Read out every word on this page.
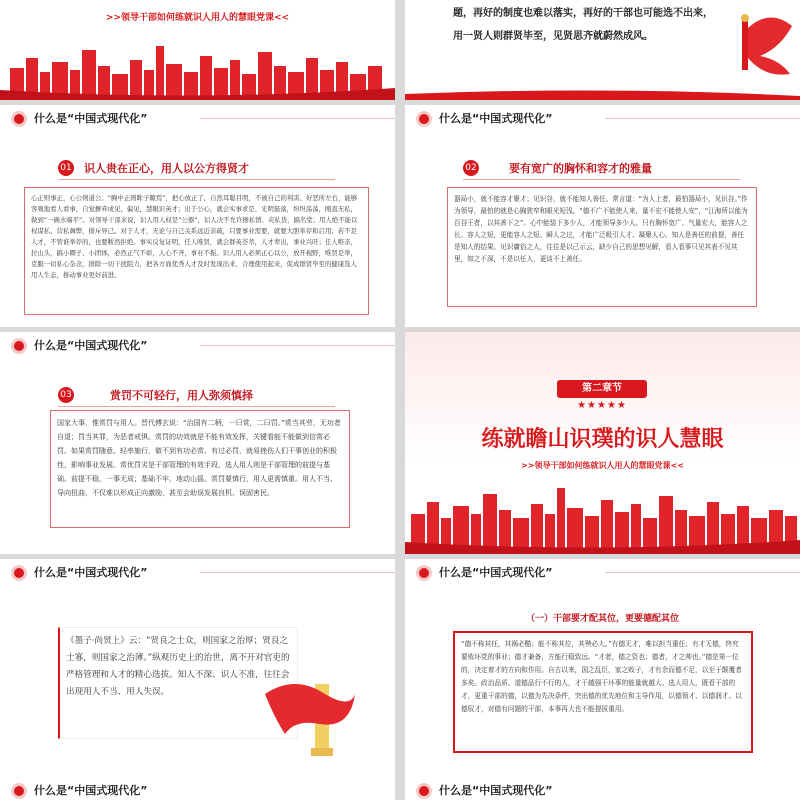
>>领导干部如何练就识人用人的慧眼党课<<	题，再好的制度也难以落实，再好的干部也可能选不出来，用一贤人则群贤毕至，见贤思齐就蔚然成风。
什么是“中国式现代化”
01 识人贵在正心，用人以公方得贤才
心正则事正，心公则道公。“胸中正则眸子瞭焉”，把心放正了，自然耳聪目明，不被自己的利害、好恶所左右，能够客观地看人看事，自觉摒弃成见、偏见，慧眼识英才；出于公心，就会实事求是、光明磊落，坦坦荡荡，刚直无私，做到“一碗水端平”。对领导干部来说，识人用人权是“公器”，识人决不允许掺私情、夹私货，搞名堂；用人绝不能以权谋私、营私舞弊，排斥异己。对于人才，无论与自己关系远近亲疏，只要事业需要，就要大胆举荐和启用；若不是人才，不管谁举荐的，也要断然拒绝。事实反复证明，任人唯贤，就会群英荟萃，人才辈出，事业兴旺；任人唯亲，拉山头，搞小圈子、小团体，必然正气不彰，人心不齐，事业不振。识人用人必须正心以公，放开视野，唯贤是举，克服一切私心杂念，排除一切干扰阻力，把各方面优秀人才及时发现出来、合理使用起来，促成群贤毕至的健康选人用人生态，推动事业更好前进。
什么是“中国式现代化”
02	要有宽广的胸怀和容才的雅量
器局小，就不能容才聚才；见识谷，就不能知人善任。常言道：“为人上者，最怕器局小，见识谷。”作为领导，最怕的就是心胸狭窄和眼光短浅。“德不广不能使人来，量不宏不能使人安”，“江海所以能为百谷王者，以其善下之”。心中能装下多少人，才能领导多少人。只有胸怀宽广、气量宏大，能容人之长、容人之短，更能容人之短、瞬人之过，才能广泛吸引人才、凝聚人心。知人是善任的前提，善任是知人的结果。见识庸俗之人，往往是以己示云，缺少自己的思想见解，看人看事只见其表不见其里，知之不深，不是以任人，更谈不上善任。
什么是“中国式现代化”
03	赏罚不可轻行，用人弥须慎择
国家大事，惟赏罚与用人。晋代傅玄说：“治国有二柄，一曰赏，二曰罚。”赏当其劳，无功者自退；罚当其罪，为恶者戒惧。赏罚的功效就是不能有效发挥，关键看能不能做到信赏必罚。如果赏罚随意、轻率施行，做不到有功必赏、有过必罚，就易挫伤人们干事创业的积极性，影响事业发展。赏优罚劣是干部管理的有效手段，选人用人则是干部管理的前提与基础。前提不稳，一事无成；基础不牢，地动山摇。赏罚要慎行，用人更需慎重。用人不当、导向扭曲，不仅难以形成正向激励，甚至会助误发展良机、误固害民。
第二章节
★★★★★
练就瞻山识璞的识人慧眼
>>领导干部如何练就识人用人的慧眼党课<<
什么是“中国式现代化”
《墨子·尚贤上》云：“贤良之士众，则国家之治厚；贤良之士寡，则国家之治薄。”纵观历史上的治世，离不开对官吏的严格管理和人才的精心选拔。知人不深、识人不准，往往会出现用人不当、用人失误。
什么是“中国式现代化”
（一）干部要才配其位，更要德配其位
“德不称其任，其祸必酷；能不称其位，其殃必大。”有德无才，难以担当重任；有才无德，终究要败坏党的事业；德才兼备，方能行稳致远。“才者，德之资也；德者，才之帅也。”德是第一位的，决定着才的方向和作用。自古以来，国之乱臣，家之败子，才有余而德不足，以至于颠覆者多矣。政治品质、道德品行不行的人，才干越强干坏事的能量就越大。选人用人，既看干部的才，更重干部的德，以德为先决条件，突出德的优先地位和主导作用，以德领才、以德润才、以德驭才，对德有问题的干部，本事再大也不能提拔重用。
什么是“中国式现代化”	什么是“中国式现代化”
